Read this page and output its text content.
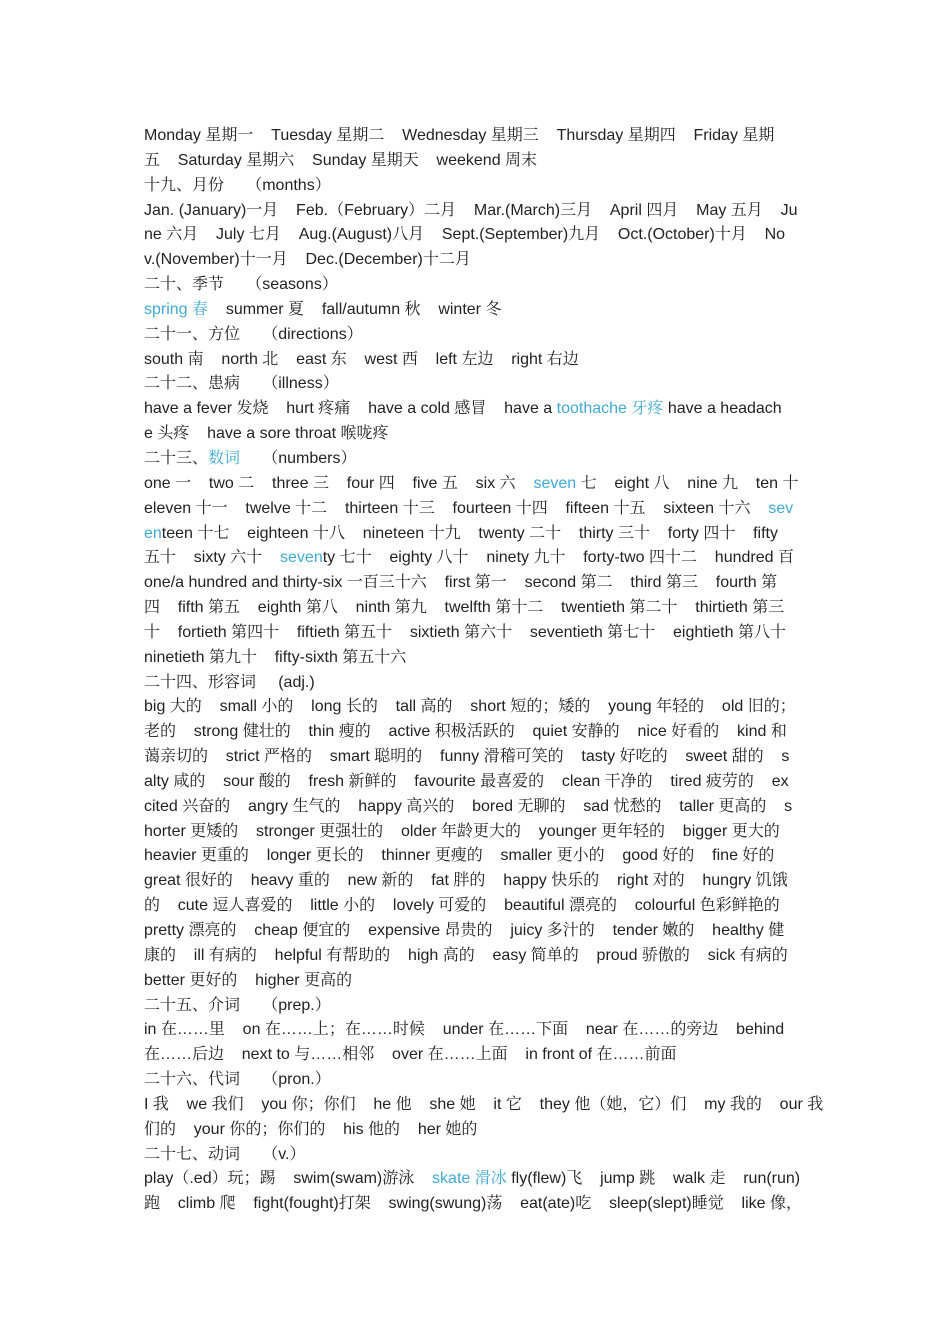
Monday 星期一    Tuesday 星期二    Wednesday 星期三    Thursday 星期四    Friday 星期
五    Saturday 星期六    Sunday 星期天    weekend 周末
十九、月份     （months）
Jan. (January)一月    Feb.（February）二月    Mar.(March)三月    April 四月    May 五月    Ju
ne 六月    July 七月    Aug.(August)八月    Sept.(September)九月    Oct.(October)十月    No
v.(November)十一月    Dec.(December)十二月
二十、季节     （seasons）
spring 春    summer 夏    fall/autumn 秋    winter 冬
二十一、方位     （directions）
south 南    north 北    east 东    west 西    left 左边    right 右边
二十二、患病     （illness）
have a fever 发烧    hurt 疼痛    have a cold 感冒    have a toothache 牙疼 have a headach
e 头疼    have a sore throat 喉咙疼
二十三、数词     （numbers）
one 一    two 二    three 三    four 四    five 五    six 六    seven 七    eight 八    nine 九    ten 十
eleven 十一    twelve 十二    thirteen 十三    fourteen 十四    fifteen 十五    sixteen 十六    sev
enteen 十七    eighteen 十八    nineteen 十九    twenty 二十    thirty 三十    forty 四十    fifty
五十    sixty 六十    seventy 七十    eighty 八十    ninety 九十    forty-two 四十二    hundred 百
one/a hundred and thirty-six 一百三十六    first 第一    second 第二    third 第三    fourth 第
四    fifth 第五    eighth 第八    ninth 第九    twelfth 第十二    twentieth 第二十    thirtieth 第三
十    fortieth 第四十    fiftieth 第五十    sixtieth 第六十    seventieth 第七十    eightieth 第八十
ninetieth 第九十    fifty-sixth 第五十六
二十四、形容词     (adj.)
big 大的    small 小的    long 长的    tall 高的    short 短的；矮的    young 年轻的    old 旧的；
老的    strong 健壮的    thin 瘦的    active 积极活跃的    quiet 安静的    nice 好看的    kind 和
蔼亲切的    strict 严格的    smart 聪明的    funny 滑稽可笑的    tasty 好吃的    sweet 甜的    s
alty 咸的    sour 酸的    fresh 新鲜的    favourite 最喜爱的    clean 干净的    tired 疲劳的    ex
cited 兴奋的    angry 生气的    happy 高兴的    bored 无聊的    sad 忧愁的    taller 更高的    s
horter 更矮的    stronger 更强壮的    older 年龄更大的    younger 更年轻的    bigger 更大的
heavier 更重的    longer 更长的    thinner 更瘦的    smaller 更小的    good 好的    fine 好的
great 很好的    heavy 重的    new 新的    fat 胖的    happy 快乐的    right 对的    hungry 饥饿
的    cute 逗人喜爱的    little 小的    lovely 可爱的    beautiful 漂亮的    colourful 色彩鲜艳的
pretty 漂亮的    cheap 便宜的    expensive 昂贵的    juicy 多汁的    tender 嫩的    healthy 健
康的    ill 有病的    helpful 有帮助的    high 高的    easy 简单的    proud 骄傲的    sick 有病的
better 更好的    higher 更高的
二十五、介词     （prep.）
in 在……里    on 在……上；在……时候    under 在……下面    near 在……的旁边    behind
在……后边    next to 与……相邻    over 在……上面    in front of 在……前面
二十六、代词     （pron.）
I 我    we 我们    you 你；你们    he 他    she 她    it 它    they 他（她，它）们    my 我的    our 我
们的    your 你的；你们的    his 他的    her 她的
二十七、动词     （v.）
play（.ed）玩；踢    swim(swam)游泳    skate 滑冰 fly(flew)飞    jump 跳    walk 走    run(run)
跑    climb 爬    fight(fought)打架    swing(swung)荡    eat(ate)吃    sleep(slept)睡觉    like 像，
